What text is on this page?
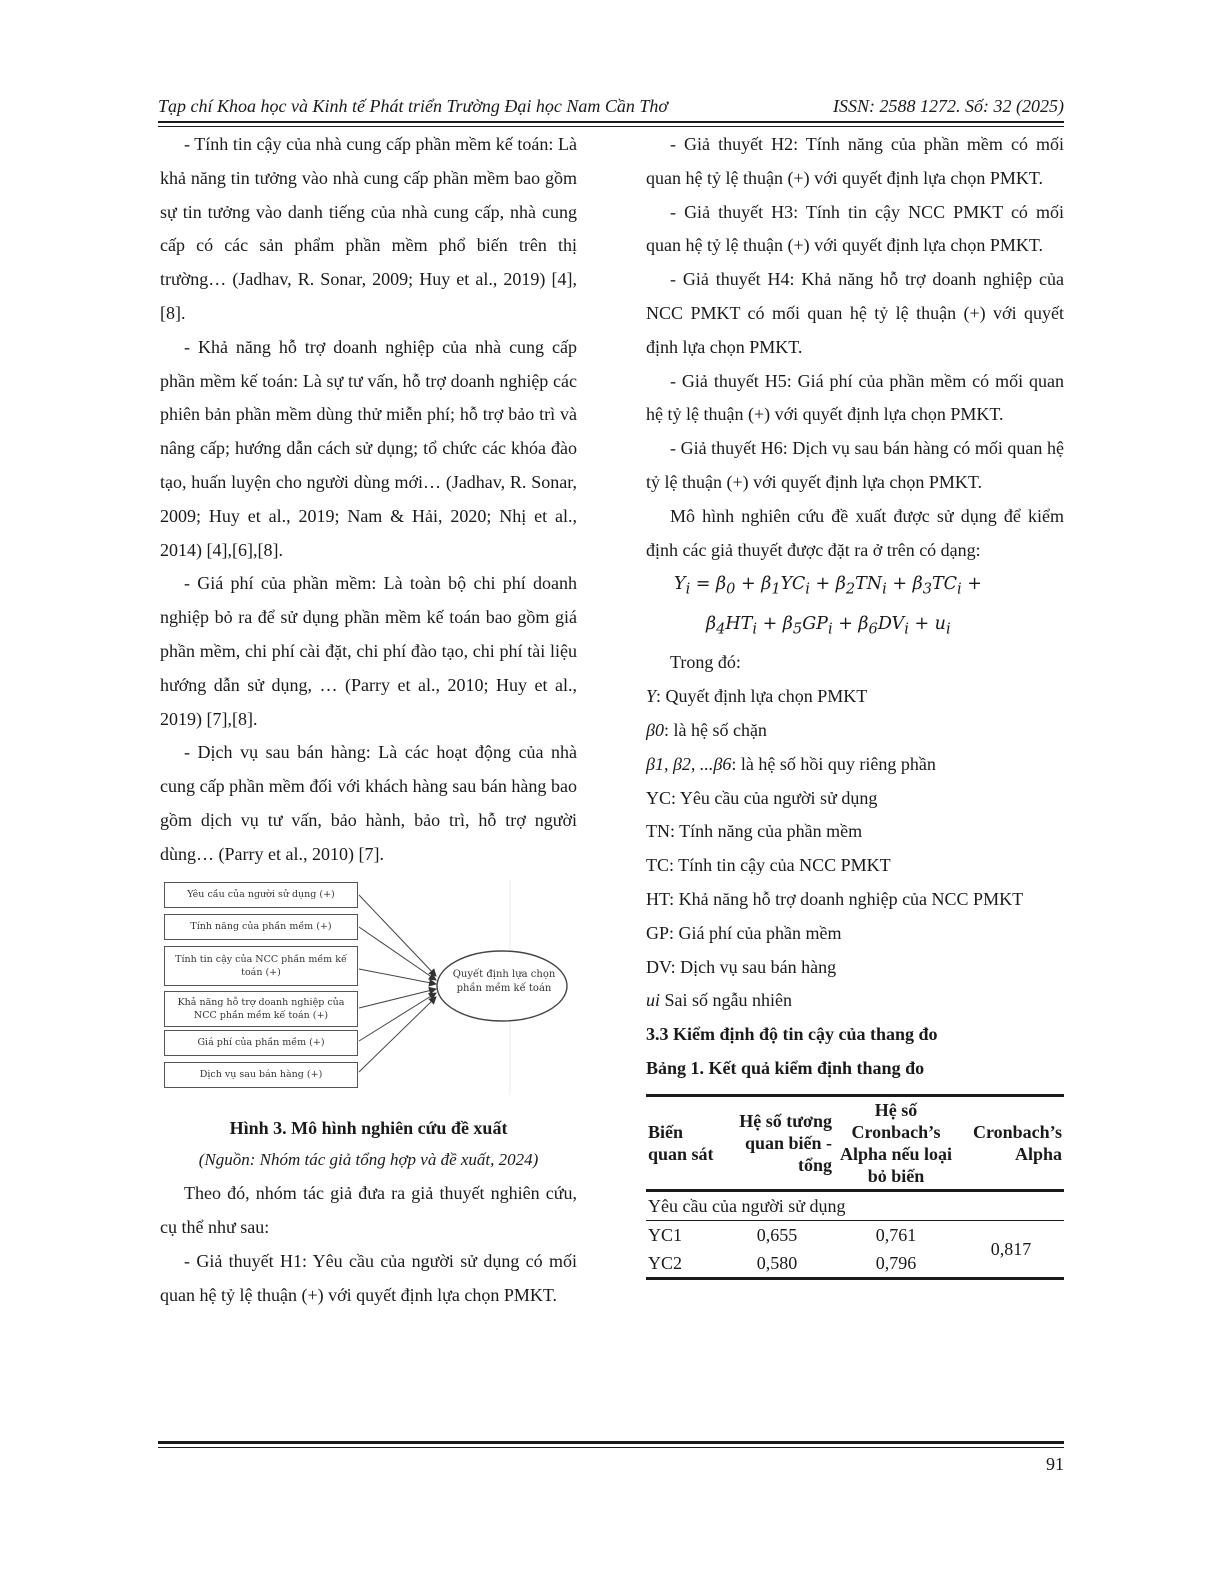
Tạp chí Khoa học và Kinh tế Phát triển Trường Đại học Nam Cần Thơ	ISSN: 2588 1272. Số: 32 (2025)

- Tính tin cậy của nhà cung cấp phần mềm kế toán: Là khả năng tin tưởng vào nhà cung cấp phần mềm bao gồm sự tin tưởng vào danh tiếng của nhà cung cấp, nhà cung cấp có các sản phẩm phần mềm phổ biến trên thị trường… (Jadhav, R. Sonar, 2009; Huy et al., 2019) [4],[8].

- Khả năng hỗ trợ doanh nghiệp của nhà cung cấp phần mềm kế toán: Là sự tư vấn, hỗ trợ doanh nghiệp các phiên bản phần mềm dùng thử miễn phí; hỗ trợ bảo trì và nâng cấp; hướng dẫn cách sử dụng; tổ chức các khóa đào tạo, huấn luyện cho người dùng mới… (Jadhav, R. Sonar, 2009; Huy et al., 2019; Nam & Hải, 2020; Nhị et al., 2014) [4],[6],[8].

- Giá phí của phần mềm: Là toàn bộ chi phí doanh nghiệp bỏ ra để sử dụng phần mềm kế toán bao gồm giá phần mềm, chi phí cài đặt, chi phí đào tạo, chi phí tài liệu hướng dẫn sử dụng, … (Parry et al., 2010; Huy et al., 2019) [7],[8].

- Dịch vụ sau bán hàng: Là các hoạt động của nhà cung cấp phần mềm đối với khách hàng sau bán hàng bao gồm dịch vụ tư vấn, bảo hành, bảo trì, hỗ trợ người dùng… (Parry et al., 2010) [7].

Yêu cầu của người sử dụng (+)
Tính năng của phần mềm (+)
Tính tin cậy của NCC phần mềm kế toán (+)
Khả năng hỗ trợ doanh nghiệp của NCC phần mềm kế toán (+)
Giá phí của phần mềm (+)
Dịch vụ sau bán hàng (+)
Quyết định lựa chọn phần mềm kế toán
Hình 3. Mô hình nghiên cứu đề xuất
(Nguồn: Nhóm tác giả tổng hợp và đề xuất, 2024)

Theo đó, nhóm tác giả đưa ra giả thuyết nghiên cứu, cụ thể như sau:

- Giả thuyết H1: Yêu cầu của người sử dụng có mối quan hệ tỷ lệ thuận (+) với quyết định lựa chọn PMKT.

- Giả thuyết H2: Tính năng của phần mềm có mối quan hệ tỷ lệ thuận (+) với quyết định lựa chọn PMKT.

- Giả thuyết H3: Tính tin cậy NCC PMKT có mối quan hệ tỷ lệ thuận (+) với quyết định lựa chọn PMKT.

- Giả thuyết H4: Khả năng hỗ trợ doanh nghiệp của NCC PMKT có mối quan hệ tỷ lệ thuận (+) với quyết định lựa chọn PMKT.

- Giả thuyết H5: Giá phí của phần mềm có mối quan hệ tỷ lệ thuận (+) với quyết định lựa chọn PMKT.

- Giả thuyết H6: Dịch vụ sau bán hàng có mối quan hệ tỷ lệ thuận (+) với quyết định lựa chọn PMKT.

Mô hình nghiên cứu đề xuất được sử dụng để kiểm định các giả thuyết được đặt ra ở trên có dạng:

$Y_i = \beta_0 + \beta_1YC_i + \beta_2TN_i + \beta_3TC_i$ +
$\beta_4HT_i + \beta_5GP_i + \beta_6DV_i + u_i$

Trong đó:

Y: Quyết định lựa chọn PMKT

β0: là hệ số chặn

β1, β2, ...β6: là hệ số hồi quy riêng phần

YC: Yêu cầu của người sử dụng

TN: Tính năng của phần mềm

TC: Tính tin cậy của NCC PMKT

HT: Khả năng hỗ trợ doanh nghiệp của NCC PMKT

GP: Giá phí của phần mềm

DV: Dịch vụ sau bán hàng

ui Sai số ngẫu nhiên

3.3 Kiểm định độ tin cậy của thang đo

Bảng 1. Kết quả kiểm định thang đo

Biến quan sát	Hệ số tương quan biến - tổng	Hệ số Cronbach’s Alpha nếu loại bỏ biến	Cronbach’s Alpha
Yêu cầu của người sử dụng			
YC1	0,655	0,761	0,817
YC2	0,580	0,796	
91
